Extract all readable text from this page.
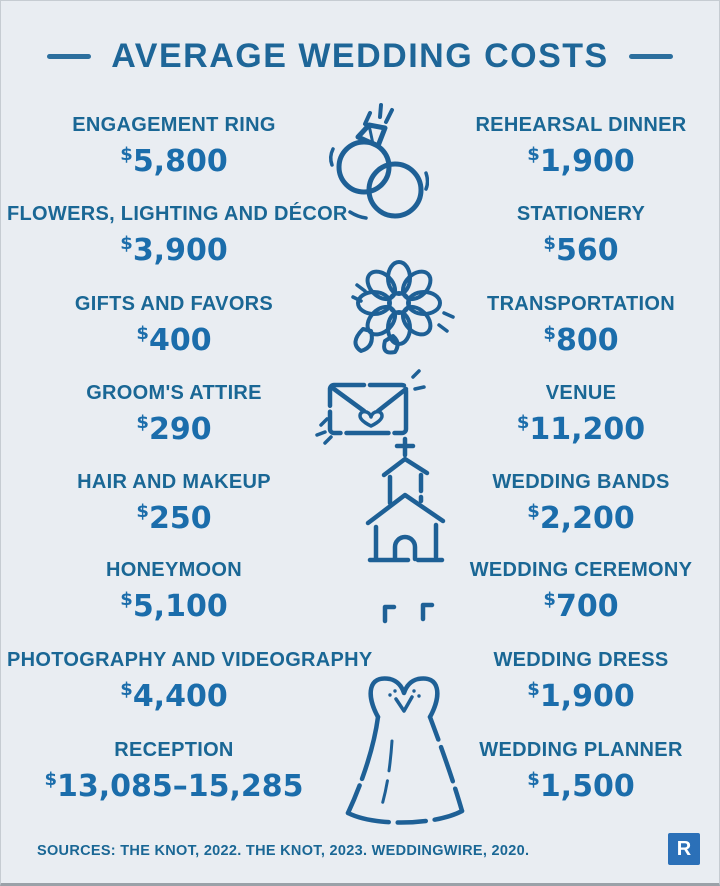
AVERAGE WEDDING COSTS
ENGAGEMENT RING
$5,800
FLOWERS, LIGHTING AND DÉCOR
$3,900
GIFTS AND FAVORS
$400
GROOM'S ATTIRE
$290
HAIR AND MAKEUP
$250
HONEYMOON
$5,100
PHOTOGRAPHY AND VIDEOGRAPHY
$4,400
RECEPTION
$13,085–15,285
REHEARSAL DINNER
$1,900
STATIONERY
$560
TRANSPORTATION
$800
VENUE
$11,200
WEDDING BANDS
$2,200
WEDDING CEREMONY
$700
WEDDING DRESS
$1,900
WEDDING PLANNER
$1,500
SOURCES: THE KNOT, 2022. THE KNOT, 2023. WEDDINGWIRE, 2020.	R
